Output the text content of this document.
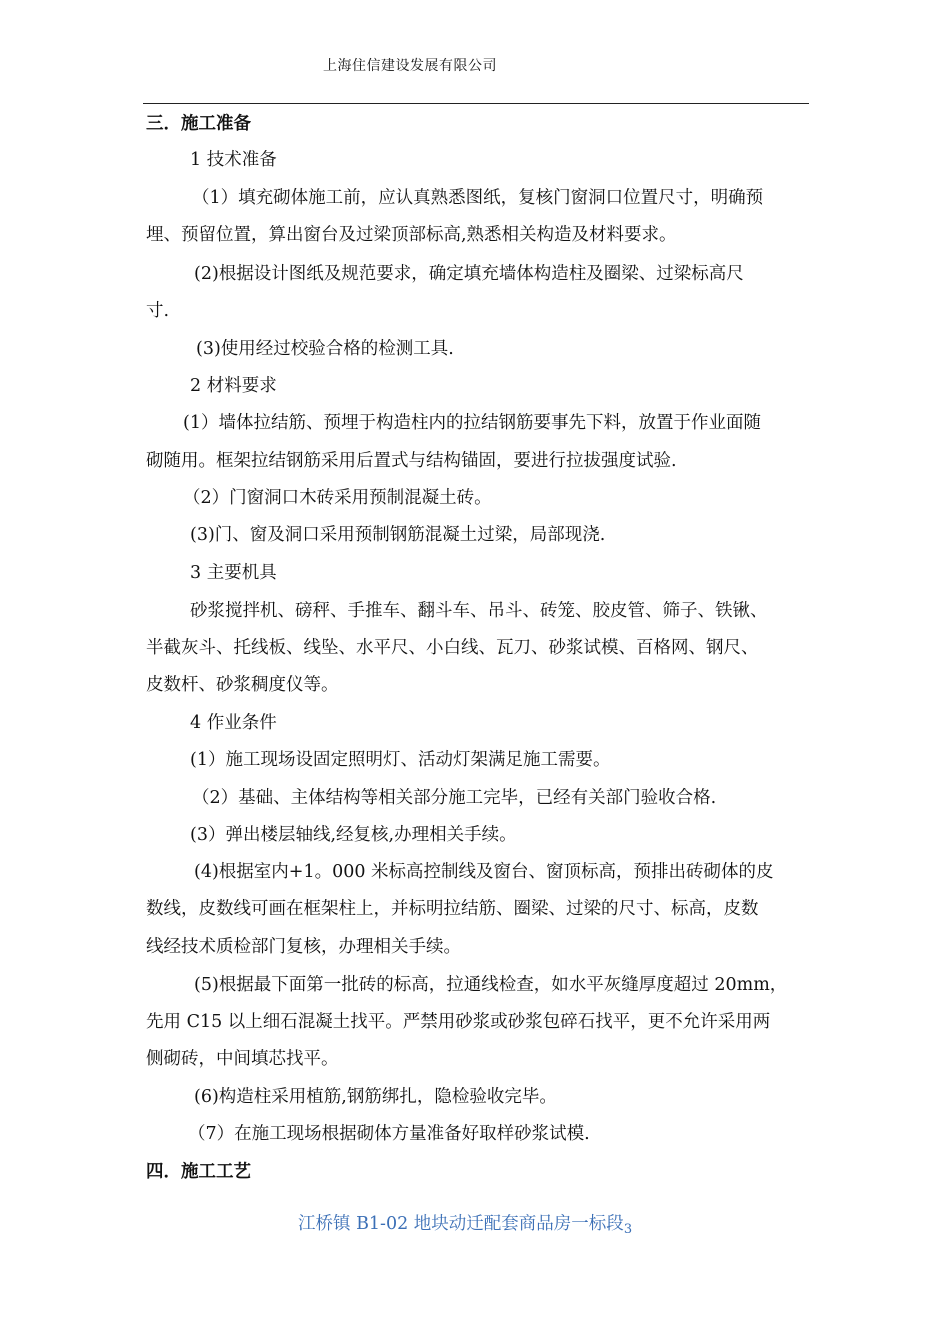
上海住信建设发展有限公司
三．施工准备
1 技术准备
（1）填充砌体施工前，应认真熟悉图纸，复核门窗洞口位置尺寸，明确预
埋、预留位置，算出窗台及过梁顶部标高,熟悉相关构造及材料要求。
(2)根据设计图纸及规范要求，确定填充墙体构造柱及圈梁、过梁标高尺
寸.
(3)使用经过校验合格的检测工具.
2 材料要求
(1）墙体拉结筋、预埋于构造柱内的拉结钢筋要事先下料，放置于作业面随
砌随用。框架拉结钢筋采用后置式与结构锚固，要进行拉拔强度试验.
（2）门窗洞口木砖采用预制混凝土砖。
(3)门、窗及洞口采用预制钢筋混凝土过梁，局部现浇.
3 主要机具
砂浆搅拌机、磅秤、手推车、翻斗车、吊斗、砖笼、胶皮管、筛子、铁锹、
半截灰斗、托线板、线坠、水平尺、小白线、瓦刀、砂浆试模、百格网、钢尺、
皮数杆、砂浆稠度仪等。
4 作业条件
(1）施工现场设固定照明灯、活动灯架满足施工需要。
（2）基础、主体结构等相关部分施工完毕，已经有关部门验收合格.
(3）弹出楼层轴线,经复核,办理相关手续。
(4)根据室内+1。000 米标高控制线及窗台、窗顶标高，预排出砖砌体的皮
数线，皮数线可画在框架柱上，并标明拉结筋、圈梁、过梁的尺寸、标高，皮数
线经技术质检部门复核，办理相关手续。
(5)根据最下面第一批砖的标高，拉通线检查，如水平灰缝厚度超过 20mm，
先用 C15 以上细石混凝土找平。严禁用砂浆或砂浆包碎石找平，更不允许采用两
侧砌砖，中间填芯找平。
(6)构造柱采用植筋,钢筋绑扎，隐检验收完毕。
（7）在施工现场根据砌体方量准备好取样砂浆试模.
四．施工工艺
江桥镇 B1-02 地块动迁配套商品房一标段$_3$
